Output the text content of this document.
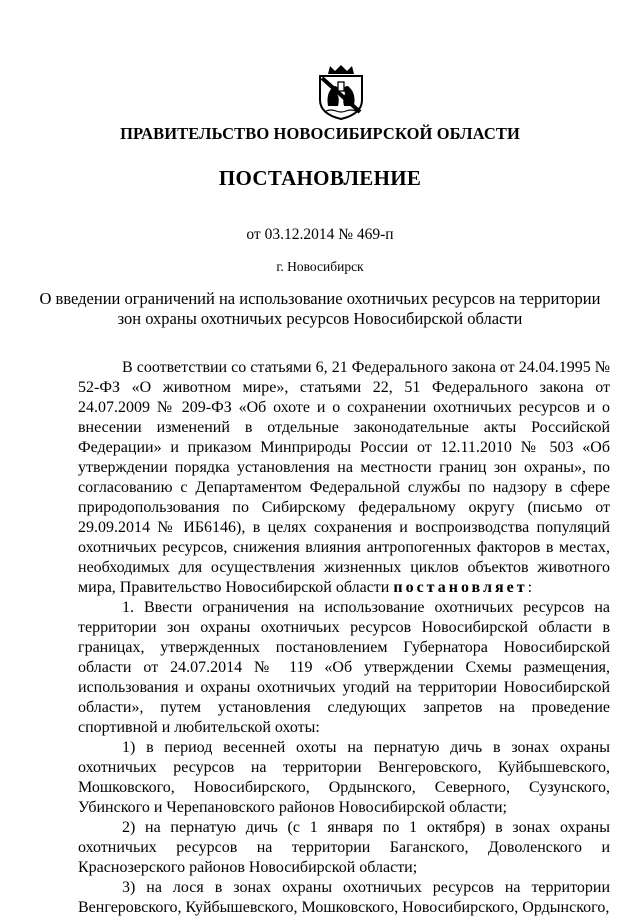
ПРАВИТЕЛЬСТВО НОВОСИБИРСКОЙ ОБЛАСТИ
ПОСТАНОВЛЕНИЕ
от 03.12.2014 № 469-п
г. Новосибирск
О введении ограничений на использование охотничьих ресурсов на территории
зон охраны охотничьих ресурсов Новосибирской области

В соответствии со статьями 6, 21 Федерального закона от 24.04.1995 № 52-ФЗ «О животном мире», статьями 22, 51 Федерального закона от 24.07.2009 № 209-ФЗ «Об охоте и о сохранении охотничьих ресурсов и о внесении изменений в отдельные законодательные акты Российской Федерации» и приказом Минприроды России от 12.11.2010 № 503 «Об утверждении порядка установления на местности границ зон охраны», по согласованию с Департаментом Федеральной службы по надзору в сфере природопользования по Сибирскому федеральному округу (письмо от 29.09.2014 № ИБ6146), в целях сохранения и воспроизводства популяций охотничьих ресурсов, снижения влияния антропогенных факторов в местах, необходимых для осуществления жизненных циклов объектов животного мира, Правительство Новосибирской области постановляет:

1. Ввести ограничения на использование охотничьих ресурсов на территории зон охраны охотничьих ресурсов Новосибирской области в границах, утвержденных постановлением Губернатора Новосибирской области от 24.07.2014 № 119 «Об утверждении Схемы размещения, использования и охраны охотничьих угодий на территории Новосибирской области», путем установления следующих запретов на проведение спортивной и любительской охоты:

1) в период весенней охоты на пернатую дичь в зонах охраны охотничьих ресурсов на территории Венгеровского, Куйбышевского, Мошковского, Новосибирского, Ордынского, Северного, Сузунского, Убинского и Черепановского районов Новосибирской области;

2) на пернатую дичь (с 1 января по 1 октября) в зонах охраны охотничьих ресурсов на территории Баганского, Доволенского и Краснозерского районов Новосибирской области;

3) на лося в зонах охраны охотничьих ресурсов на территории Венгеровского, Куйбышевского, Мошковского, Новосибирского, Ордынского,
